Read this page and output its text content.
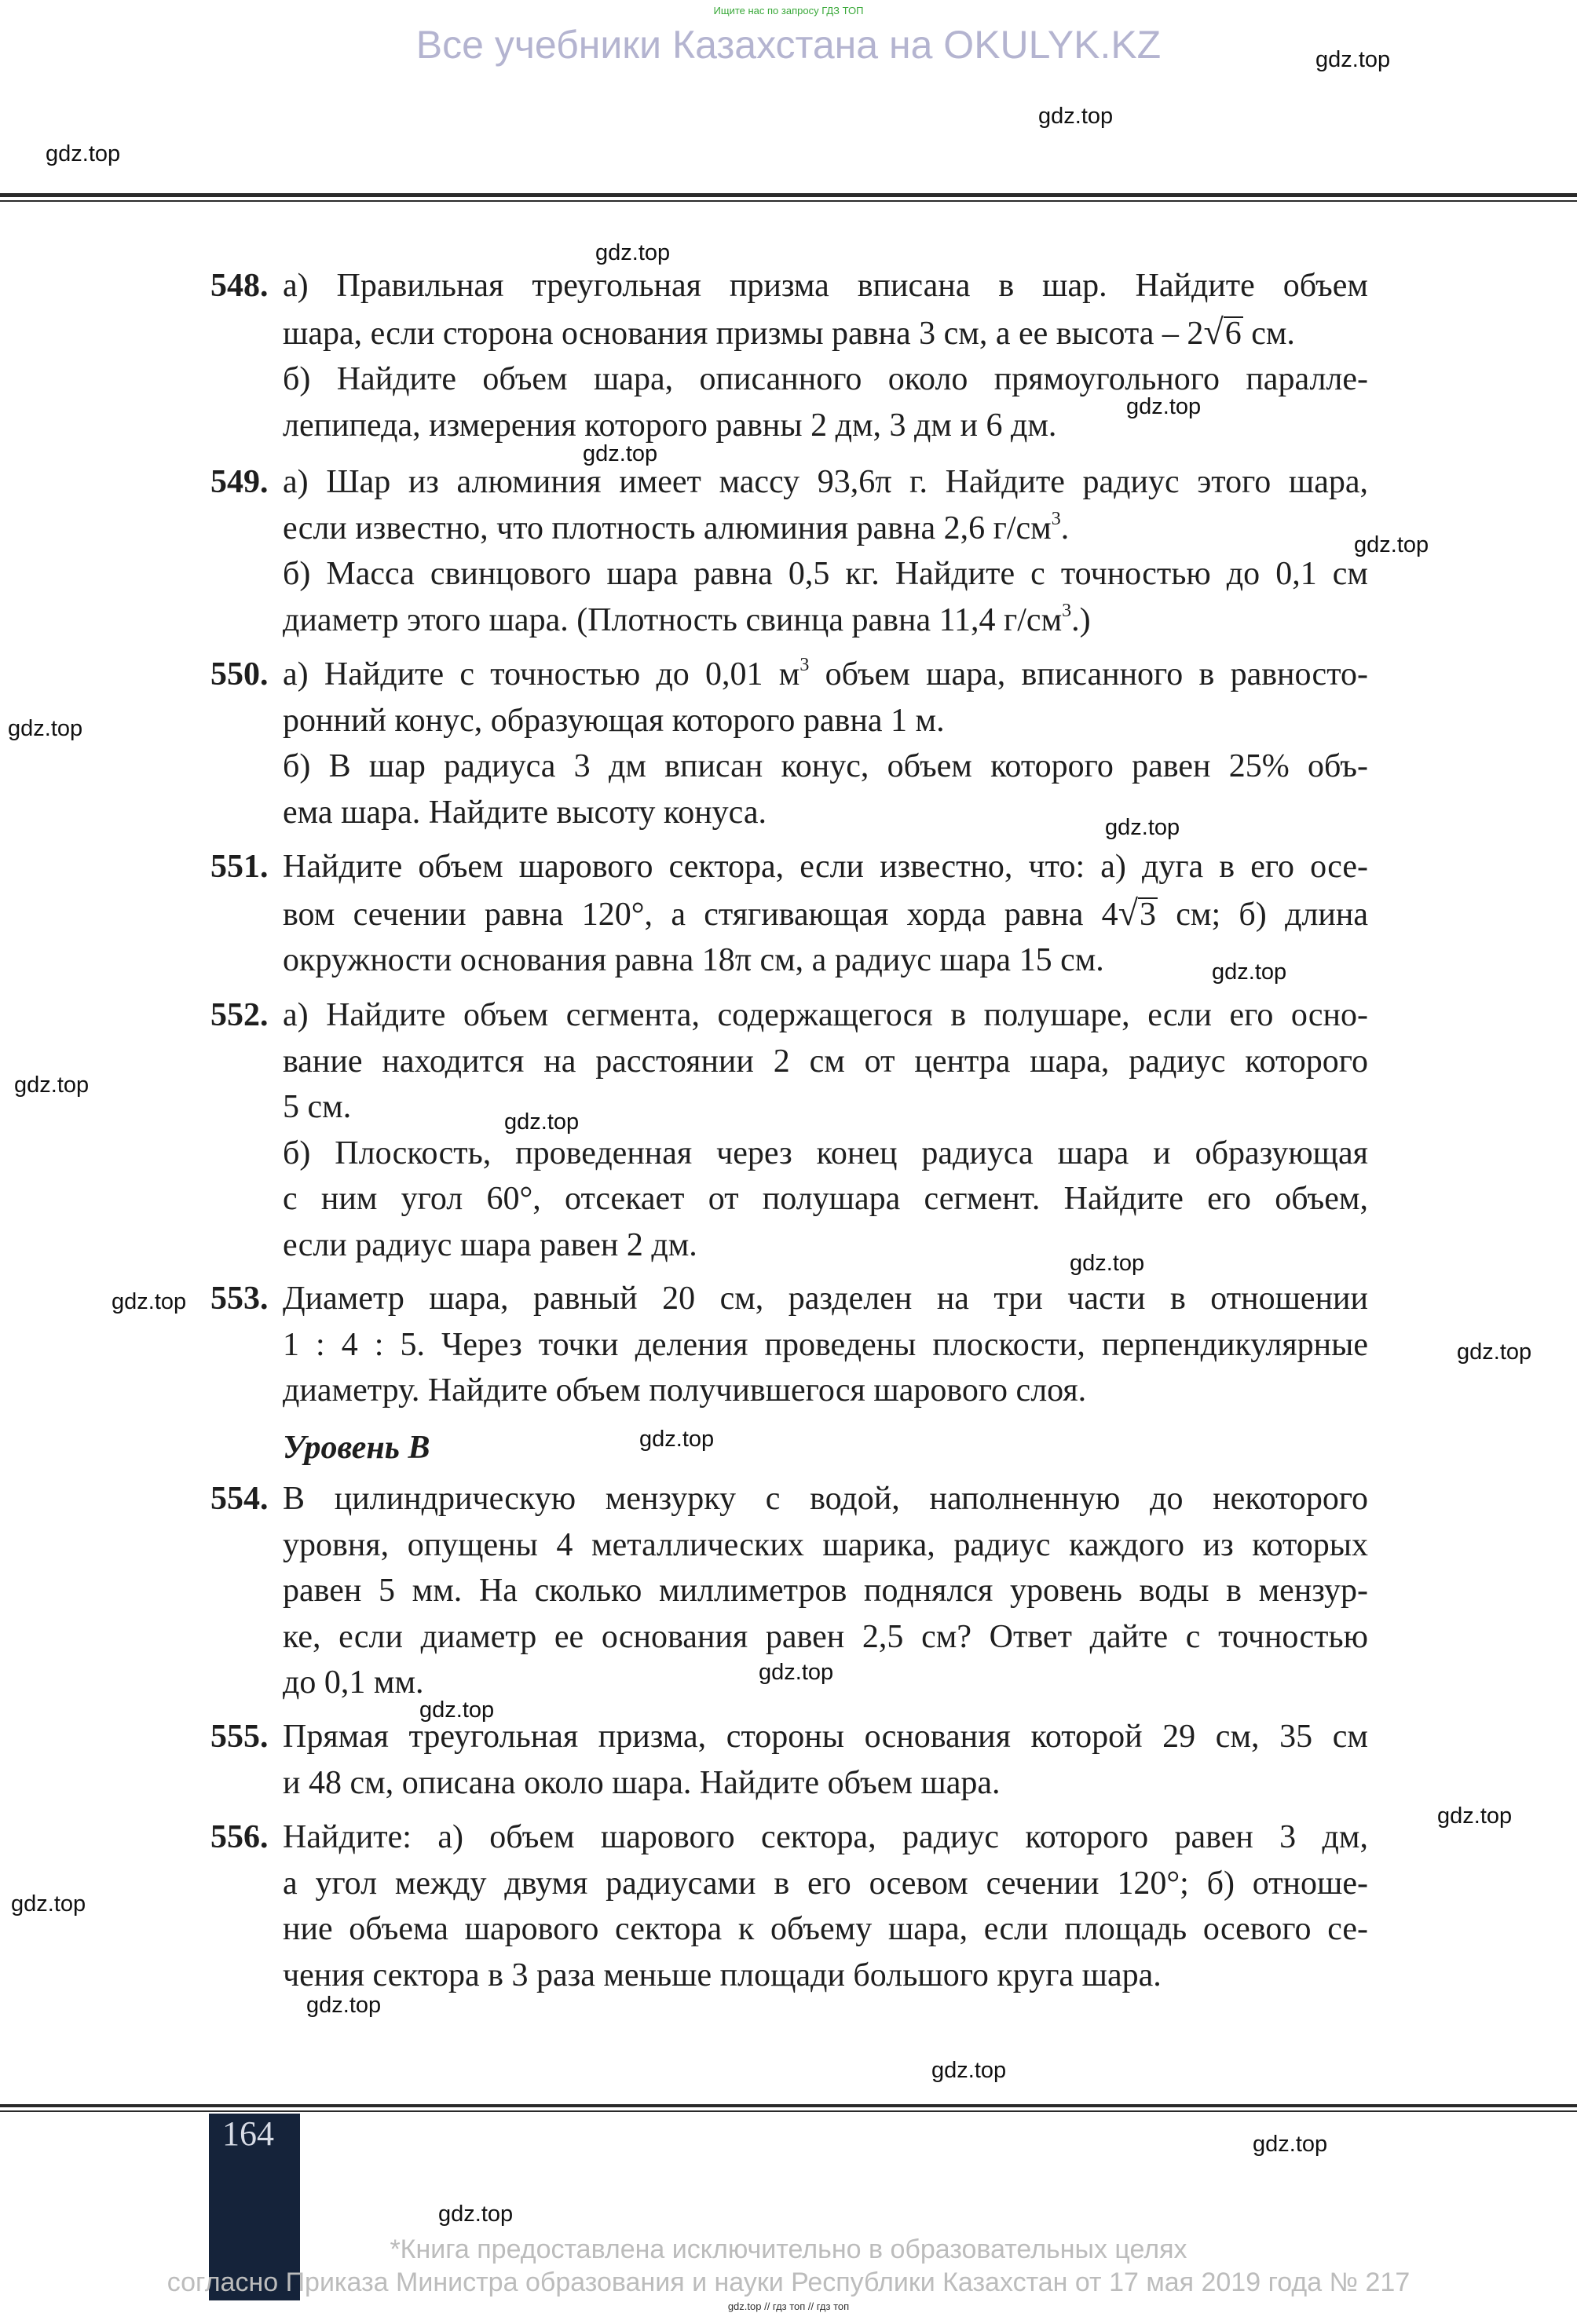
Ищите нас по запросу ГДЗ ТОП
Все учебники Казахстана на OKULYK.KZ
548. а) Правильная треугольная призма вписана в шар. Найдите объем
шара, если сторона основания призмы равна 3 см, а ее высота – 2√6 см.
б) Найдите объем шара, описанного около прямоугольного паралле-
лепипеда, измерения которого равны 2 дм, 3 дм и 6 дм.
549. а) Шар из алюминия имеет массу 93,6π г. Найдите радиус этого шара,
если известно, что плотность алюминия равна 2,6 $г/см^3$.
б) Масса свинцового шара равна 0,5 кг. Найдите с точностью до 0,1 см
диаметр этого шара. (Плотность свинца равна 11,4 $г/см^3$.)
550. а) Найдите с точностью до 0,01 $м^3$ объем шара, вписанного в равносто-
ронний конус, образующая которого равна 1 м.
б) В шар радиуса 3 дм вписан конус, объем которого равен 25% объ-
ема шара. Найдите высоту конуса.
551. Найдите объем шарового сектора, если известно, что: а) дуга в его осе-
вом сечении равна 120°, а стягивающая хорда равна 4√3 см; б) длина
окружности основания равна 18π см, а радиус шара 15 см.
552. а) Найдите объем сегмента, содержащегося в полушаре, если его осно-
вание находится на расстоянии 2 см от центра шара, радиус которого
5 см.
б) Плоскость, проведенная через конец радиуса шара и образующая
с ним угол 60°, отсекает от полушара сегмент. Найдите его объем,
если радиус шара равен 2 дм.
553. Диаметр шара, равный 20 см, разделен на три части в отношении
1 : 4 : 5. Через точки деления проведены плоскости, перпендикулярные
диаметру. Найдите объем получившегося шарового слоя.
554. В цилиндрическую мензурку с водой, наполненную до некоторого
уровня, опущены 4 металлических шарика, радиус каждого из которых
равен 5 мм. На сколько миллиметров поднялся уровень воды в мензур-
ке, если диаметр ее основания равен 2,5 см? Ответ дайте с точностью
до 0,1 мм.
555. Прямая треугольная призма, стороны основания которой 29 см, 35 см
и 48 см, описана около шара. Найдите объем шара.
556. Найдите: а) объем шарового сектора, радиус которого равен 3 дм,
а угол между двумя радиусами в его осевом сечении 120°; б) отноше-
ние объема шарового сектора к объему шара, если площадь осевого се-
чения сектора в 3 раза меньше площади большого круга шара.
Уровень В
164
*Книга предоставлена исключительно в образовательных целях
согласно Приказа Министра образования и науки Республики Казахстан от 17 мая 2019 года № 217
gdz.top // гдз топ // гдз топ
gdz.top
gdz.top
gdz.top
gdz.top
gdz.top
gdz.top
gdz.top
gdz.top
gdz.top
gdz.top
gdz.top
gdz.top
gdz.top
gdz.top
gdz.top
gdz.top
gdz.top
gdz.top
gdz.top
gdz.top
gdz.top
gdz.top
gdz.top
gdz.top
